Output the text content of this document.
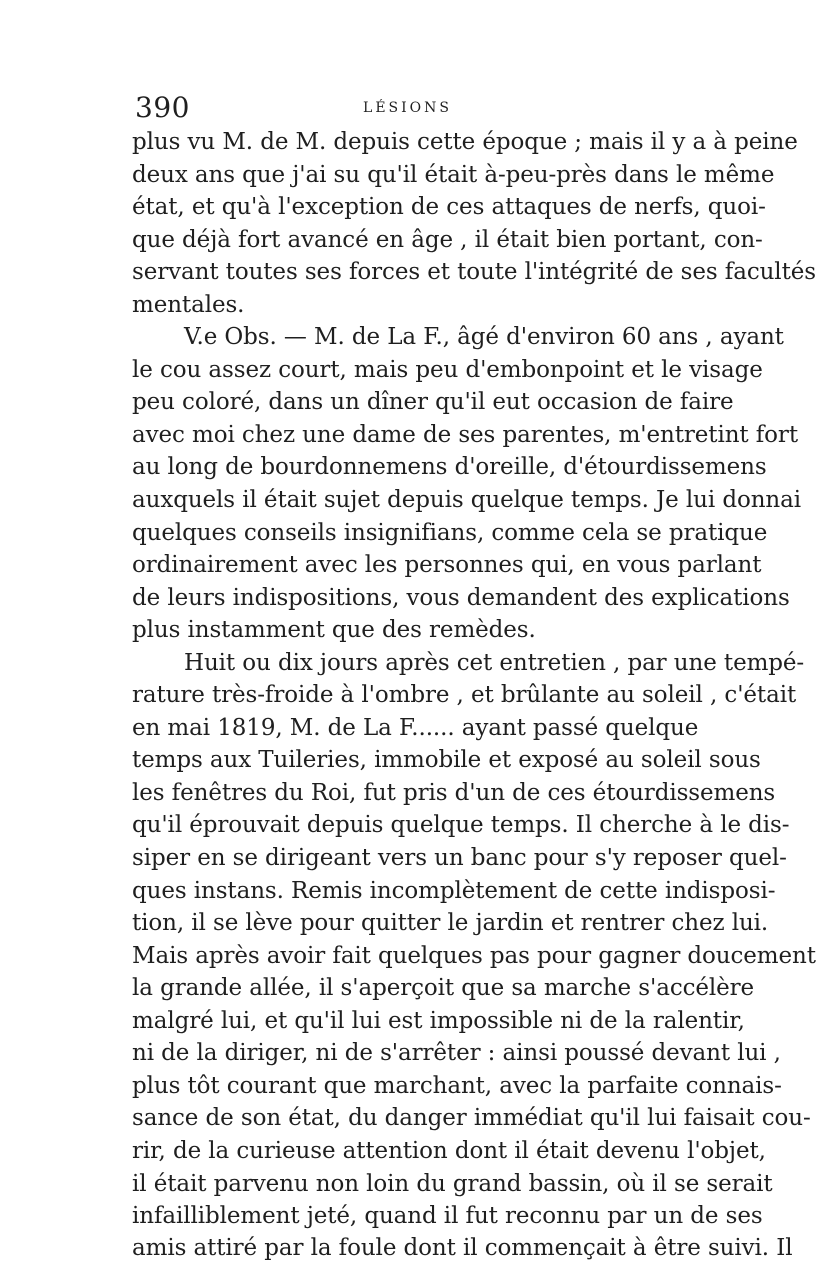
390	LÉSIONS
plus vu M. de M. depuis cette époque ; mais il y a à peine
deux ans que j'ai su qu'il était à-peu-près dans le même
état, et qu'à l'exception de ces attaques de nerfs, quoi-
que déjà fort avancé en âge , il était bien portant, con-
servant toutes ses forces et toute l'intégrité de ses facultés
mentales.
V.e Obs. — M. de La F., âgé d'environ 60 ans , ayant
le cou assez court, mais peu d'embonpoint et le visage
peu coloré, dans un dîner qu'il eut occasion de faire
avec moi chez une dame de ses parentes, m'entretint fort
au long de bourdonnemens d'oreille, d'étourdissemens
auxquels il était sujet depuis quelque temps. Je lui donnai
quelques conseils insignifians, comme cela se pratique
ordinairement avec les personnes qui, en vous parlant
de leurs indispositions, vous demandent des explications
plus instamment que des remèdes.
Huit ou dix jours après cet entretien , par une tempé-
rature très-froide à l'ombre , et brûlante au soleil , c'était
en mai 1819, M. de La F...... ayant passé quelque
temps aux Tuileries, immobile et exposé au soleil sous
les fenêtres du Roi, fut pris d'un de ces étourdissemens
qu'il éprouvait depuis quelque temps. Il cherche à le dis-
siper en se dirigeant vers un banc pour s'y reposer quel-
ques instans. Remis incomplètement de cette indisposi-
tion, il se lève pour quitter le jardin et rentrer chez lui.
Mais après avoir fait quelques pas pour gagner doucement
la grande allée, il s'aperçoit que sa marche s'accélère
malgré lui, et qu'il lui est impossible ni de la ralentir,
ni de la diriger, ni de s'arrêter : ainsi poussé devant lui ,
plus tôt courant que marchant, avec la parfaite connais-
sance de son état, du danger immédiat qu'il lui faisait cou-
rir, de la curieuse attention dont il était devenu l'objet,
il était parvenu non loin du grand bassin, où il se serait
infailliblement jeté, quand il fut reconnu par un de ses
amis attiré par la foule dont il commençait à être suivi. Il
